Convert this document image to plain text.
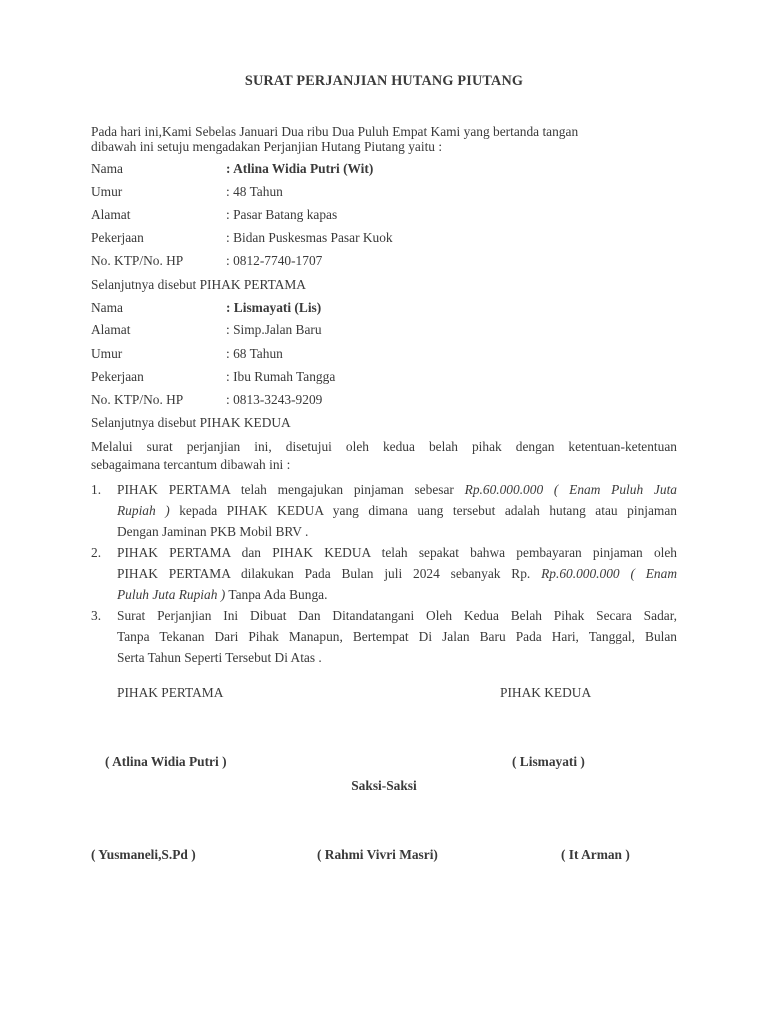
SURAT PERJANJIAN HUTANG PIUTANG
Pada hari ini,Kami Sebelas Januari Dua ribu Dua Puluh Empat Kami yang bertanda tangan
dibawah ini setuju mengadakan Perjanjian Hutang Piutang yaitu :
Nama	: Atlina Widia Putri (Wit)
Umur	: 48 Tahun
Alamat	: Pasar Batang kapas
Pekerjaan	: Bidan Puskesmas Pasar Kuok
No. KTP/No. HP	: 0812-7740-1707
Selanjutnya disebut PIHAK PERTAMA
Nama	: Lismayati (Lis)
Alamat	: Simp.Jalan Baru
Umur	: 68 Tahun
Pekerjaan	: Ibu Rumah Tangga
No. KTP/No. HP	: 0813-3243-9209
Selanjutnya disebut PIHAK KEDUA
Melalui surat perjanjian ini, disetujui oleh kedua belah pihak dengan ketentuan-ketentuan
sebagaimana tercantum dibawah ini :
1. PIHAK PERTAMA telah mengajukan pinjaman sebesar Rp.60.000.000 ( Enam Puluh Juta
Rupiah ) kepada PIHAK KEDUA yang dimana uang tersebut adalah hutang atau pinjaman
Dengan Jaminan PKB Mobil BRV .
2. PIHAK PERTAMA dan PIHAK KEDUA telah sepakat bahwa pembayaran pinjaman oleh
PIHAK PERTAMA dilakukan Pada Bulan juli 2024 sebanyak Rp. Rp.60.000.000 ( Enam
Puluh Juta Rupiah ) Tanpa Ada Bunga.
3. Surat Perjanjian Ini Dibuat Dan Ditandatangani Oleh Kedua Belah Pihak Secara Sadar,
Tanpa Tekanan Dari Pihak Manapun, Bertempat Di Jalan Baru Pada Hari, Tanggal, Bulan
Serta Tahun Seperti Tersebut Di Atas .
PIHAK PERTAMA	PIHAK KEDUA
( Atlina Widia Putri )	( Lismayati )
Saksi-Saksi
( Yusmaneli,S.Pd )	( Rahmi Vivri Masri)	( It Arman )
